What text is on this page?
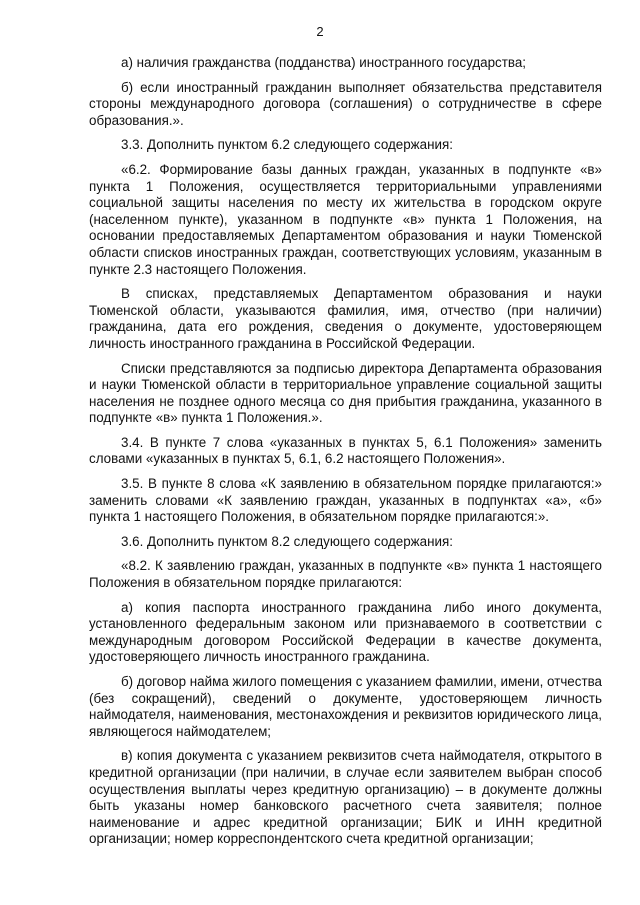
2

а) наличия гражданства (подданства) иностранного государства;

б) если иностранный гражданин выполняет обязательства представителя стороны международного договора (соглашения) о сотрудничестве в сфере образования.».

3.3. Дополнить пунктом 6.2 следующего содержания:

«6.2. Формирование базы данных граждан, указанных в подпункте «в» пункта 1 Положения, осуществляется территориальными управлениями социальной защиты населения по месту их жительства в городском округе (населенном пункте), указанном в подпункте «в» пункта 1 Положения, на основании предоставляемых Департаментом образования и науки Тюменской области списков иностранных граждан, соответствующих условиям, указанным в пункте 2.3 настоящего Положения.

В списках, представляемых Департаментом образования и науки Тюменской области, указываются фамилия, имя, отчество (при наличии) гражданина, дата его рождения, сведения о документе, удостоверяющем личность иностранного гражданина в Российской Федерации.

Списки представляются за подписью директора Департамента образования и науки Тюменской области в территориальное управление социальной защиты населения не позднее одного месяца со дня прибытия гражданина, указанного в подпункте «в» пункта 1 Положения.».

3.4. В пункте 7 слова «указанных в пунктах 5, 6.1 Положения» заменить словами «указанных в пунктах 5, 6.1, 6.2 настоящего Положения».

3.5. В пункте 8 слова «К заявлению в обязательном порядке прилагаются:» заменить словами «К заявлению граждан, указанных в подпунктах «а», «б» пункта 1 настоящего Положения, в обязательном порядке прилагаются:».

3.6. Дополнить пунктом 8.2 следующего содержания:

«8.2. К заявлению граждан, указанных в подпункте «в» пункта 1 настоящего Положения в обязательном порядке прилагаются:

а) копия паспорта иностранного гражданина либо иного документа, установленного федеральным законом или признаваемого в соответствии с международным договором Российской Федерации в качестве документа, удостоверяющего личность иностранного гражданина.

б) договор найма жилого помещения с указанием фамилии, имени, отчества (без сокращений), сведений о документе, удостоверяющем личность наймодателя, наименования, местонахождения и реквизитов юридического лица, являющегося наймодателем;

в) копия документа с указанием реквизитов счета наймодателя, открытого в кредитной организации (при наличии, в случае если заявителем выбран способ осуществления выплаты через кредитную организацию) – в документе должны быть указаны номер банковского расчетного счета заявителя; полное наименование и адрес кредитной организации; БИК и ИНН кредитной организации; номер корреспондентского счета кредитной организации;
